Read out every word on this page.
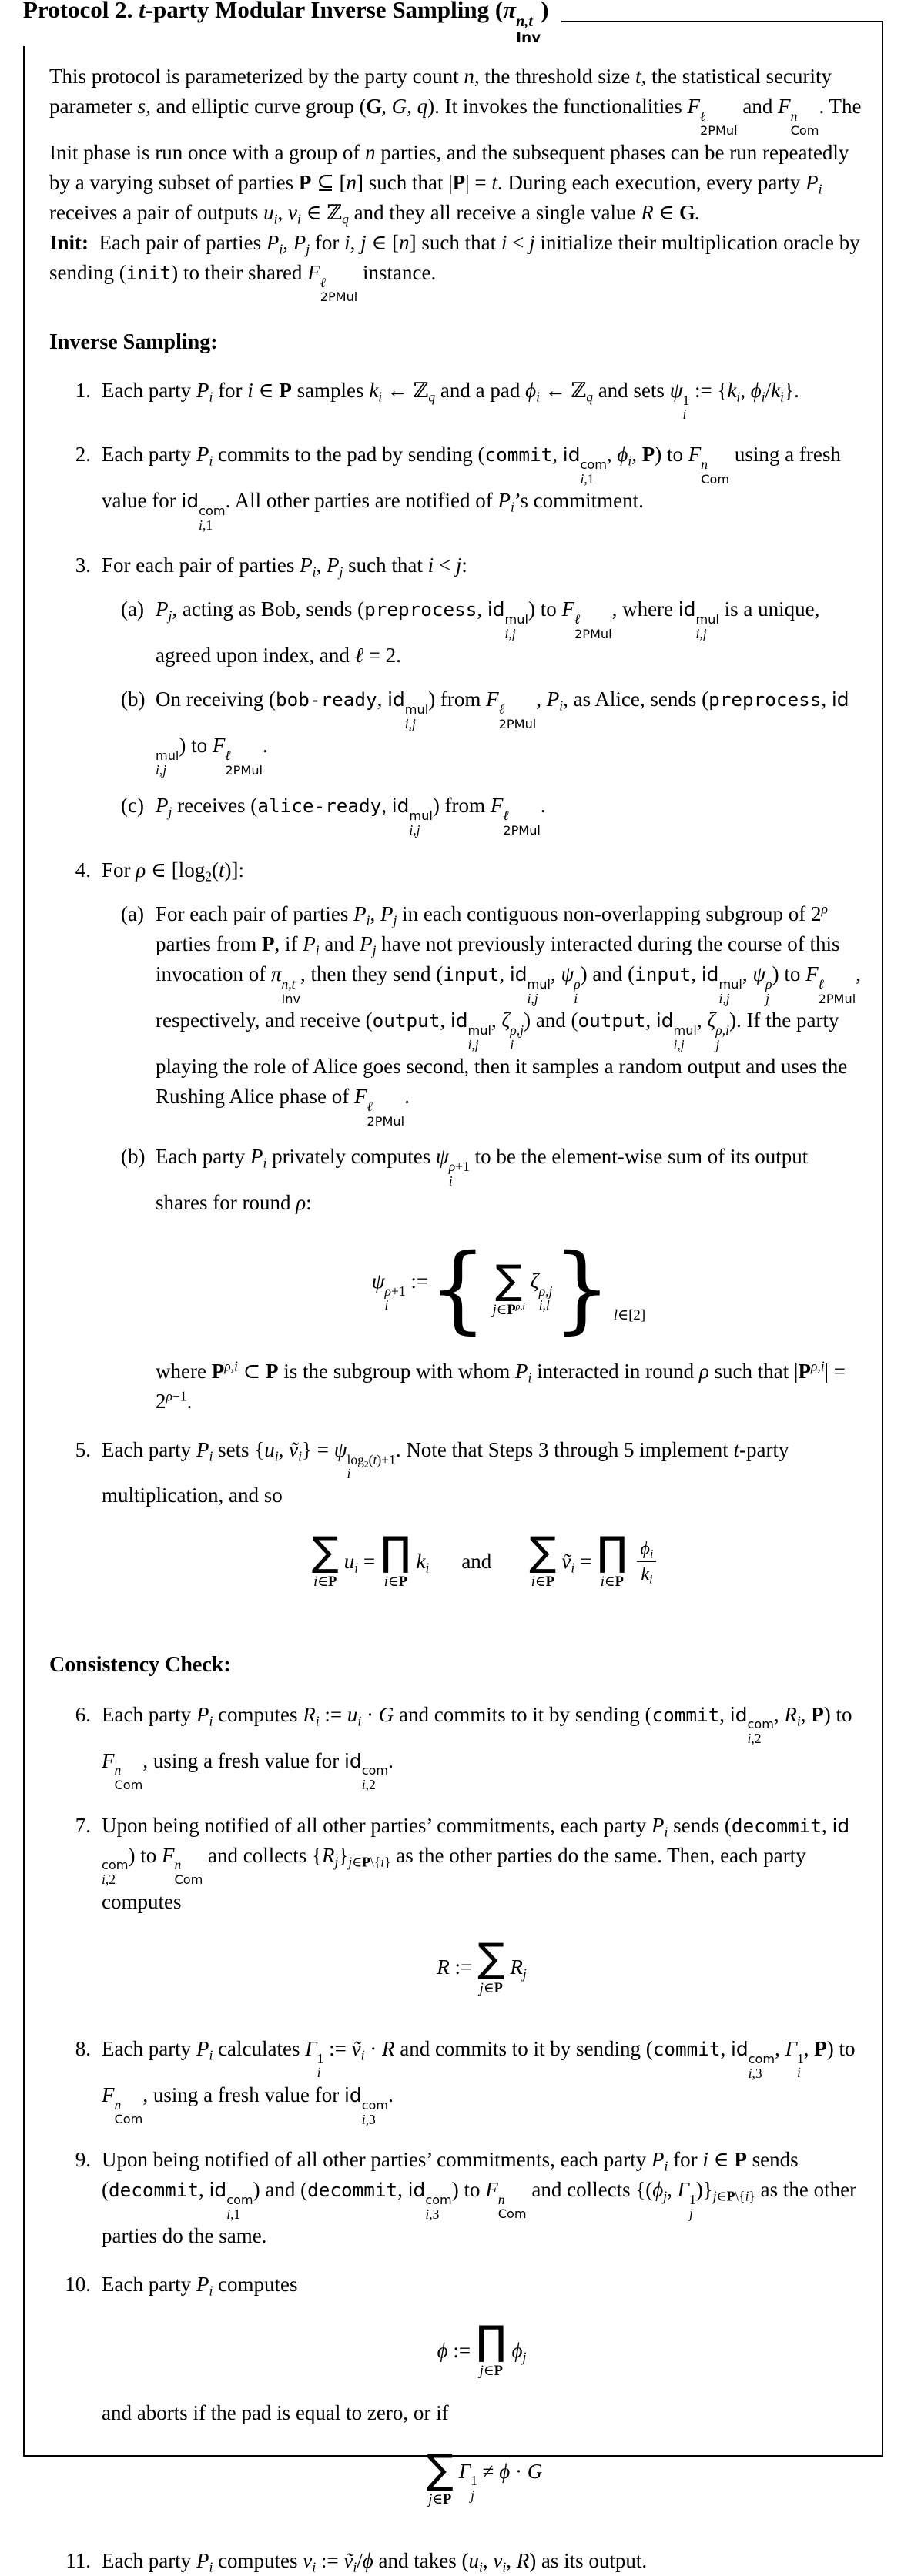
Protocol 2. t-party Modular Inverse Sampling (π n,t
Inv
)

This protocol is parameterized by the party count n, the threshold size t, the statistical security parameter s, and elliptic curve group (G, G, q). It invokes the functionalities F ℓ
2PMul
and F n
Com
. The Init phase is run once with a group of n parties, and the subsequent phases can be run repeatedly by a varying subset of parties P ⊆ [n] such that |P| = t. During each execution, every party Pi receives a pair of outputs ui, vi ∈ ℤq and they all receive a single value R ∈ G.

Init: Each pair of parties Pi, Pj for i, j ∈ [n] such that i < j initialize their multiplication oracle by sending (init) to their shared F ℓ
2PMul
instance.

Inverse Sampling:
1. Each party Pi for i ∈ P samples ki ← ℤq and a pad ϕi ← ℤq and sets ψ 1
i
:= {ki, ϕi/ki}.
2. Each party Pi commits to the pad by sending (commit, id com
i,1
, ϕi, P) to F n
Com
using a fresh value for id com
i,1
. All other parties are notified of Pi’s commitment.
3. For each pair of parties Pi, Pj such that i < j:
(a) Pj, acting as Bob, sends (preprocess, id mul
i,j
) to F ℓ
2PMul
, where id mul
i,j
is a unique, agreed upon index, and ℓ = 2.
(b) On receiving (bob-ready, id mul
i,j
) from F ℓ
2PMul
, Pi, as Alice, sends (preprocess, id
mul
i,j
) to F ℓ
2PMul
.
(c) Pj receives (alice-ready, id mul
i,j
) from F ℓ
2PMul
.
4. For ρ ∈ [log2(t)]:
(a) For each pair of parties Pi, Pj in each contiguous non-overlapping subgroup of $2^\rho$ parties from P, if Pi and Pj have not previously interacted during the course of this invocation of π n,t
Inv
, then they send (input, id mul
i,j
, ψ ρ
i
) and (input, id mul
i,j
, ψ ρ
j
) to F ℓ
2PMul
, respectively, and receive (output, id mul
i,j
, ζ ρ,j
i
) and (output, id mul
i,j
, ζ ρ,i
j
). If the party playing the role of Alice goes second, then it samples a random output and uses the Rushing Alice phase of F ℓ
2PMul
.
(b) Each party Pi privately computes ψ ρ+1
i
to be the element-wise sum of its output shares for round ρ:
ψ ρ+1
i
:= { ∑
$j\in P^{\rho,i}$
ζ ρ,j
i,l } l∈[2]
where $P^{\rho,i}$ ⊂ P is the subgroup with whom Pi interacted in round ρ such that $|P^{\rho,i}| = 2^{\rho-1}$.
5. Each party Pi sets {ui, ṽi} = ψ log2(t)+1
i
. Note that Steps 3 through 5 implement t-party multiplication, and so
∑
i∈P
ui = ∏
i∈P
ki and ∑
i∈P
ṽi = ∏
i∈P $\frac{\phi i}{ki}$
Consistency Check:
6. Each party Pi computes Ri := ui · G and commits to it by sending (commit, id com
i,2
, Ri, P) to F n
Com
, using a fresh value for id com
i,2
.
7. Upon being notified of all other parties’ commitments, each party Pi sends (decommit, id
com
i,2
) to F n
Com
and collects {Rj}j∈P\{i} as the other parties do the same. Then, each party computes
R := ∑
j∈P
Rj
8. Each party Pi calculates Γ 1
i
:= ṽi · R and commits to it by sending (commit, id com
i,3
, Γ 1
i
, P) to F n
Com
, using a fresh value for id com
i,3
.
9. Upon being notified of all other parties’ commitments, each party Pi for i ∈ P sends (decommit, id com
i,1
) and (decommit, id com
i,3
) to F n
Com
and collects {(ϕj, Γ 1
j
)}j∈P\{i} as the other parties do the same.
10. Each party Pi computes
ϕ := ∏
j∈P
ϕj
and aborts if the pad is equal to zero, or if
∑
j∈P
Γ 1
j
≠ ϕ · G
11. Each party Pi computes vi := ṽi/ϕ and takes (ui, vi, R) as its output.
